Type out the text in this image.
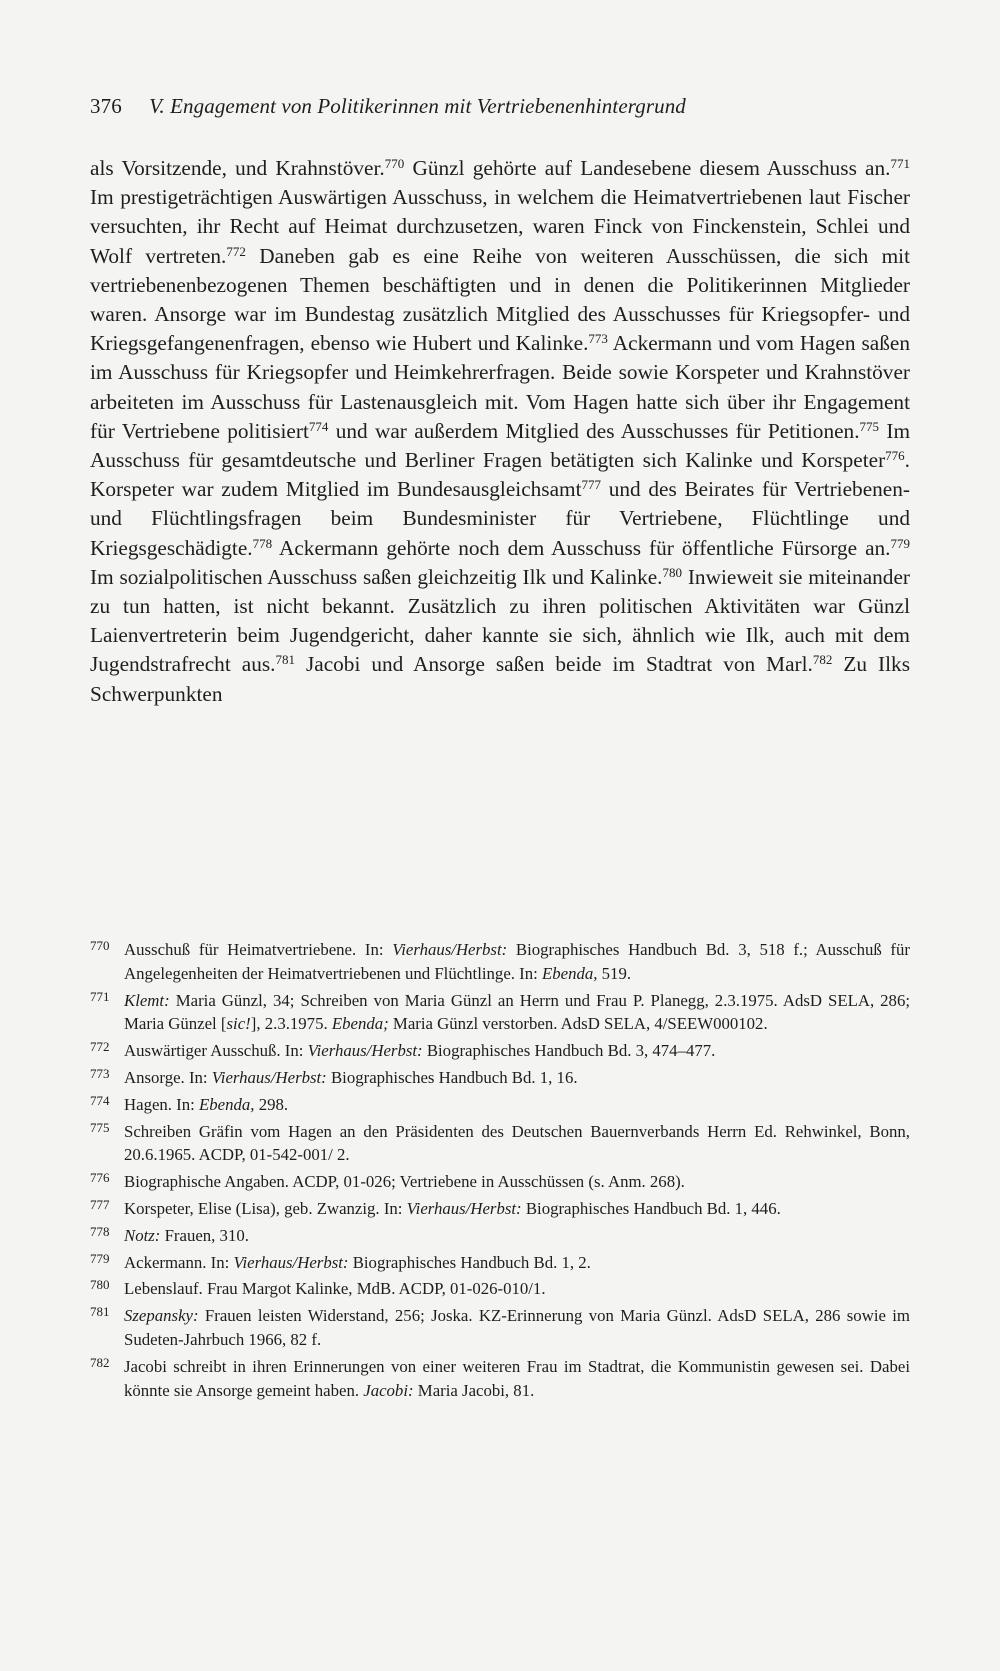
376 V. Engagement von Politikerinnen mit Vertriebenenhintergrund

als Vorsitzende, und Krahnstöver.$^{770}$ Günzl gehörte auf Landesebene diesem Ausschuss an.$^{771}$ Im prestigeträchtigen Auswärtigen Ausschuss, in welchem die Heimatvertriebenen laut Fischer versuchten, ihr Recht auf Heimat durchzusetzen, waren Finck von Finckenstein, Schlei und Wolf vertreten.$^{772}$ Daneben gab es eine Reihe von weiteren Ausschüssen, die sich mit vertriebenenbezogenen Themen beschäftigten und in denen die Politikerinnen Mitglieder waren. Ansorge war im Bundestag zusätzlich Mitglied des Ausschusses für Kriegsopfer- und Kriegsgefangenenfragen, ebenso wie Hubert und Kalinke.$^{773}$ Ackermann und vom Hagen saßen im Ausschuss für Kriegsopfer und Heimkehrerfragen. Beide sowie Korspeter und Krahnstöver arbeiteten im Ausschuss für Lastenausgleich mit. Vom Hagen hatte sich über ihr Engagement für Vertriebene politisiert$^{774}$ und war außerdem Mitglied des Ausschusses für Petitionen.$^{775}$ Im Ausschuss für gesamtdeutsche und Berliner Fragen betätigten sich Kalinke und Korspeter$^{776}$. Korspeter war zudem Mitglied im Bundesausgleichsamt$^{777}$ und des Beirates für Vertriebenen- und Flüchtlingsfragen beim Bundesminister für Vertriebene, Flüchtlinge und Kriegsgeschädigte.$^{778}$ Ackermann gehörte noch dem Ausschuss für öffentliche Fürsorge an.$^{779}$ Im sozialpolitischen Ausschuss saßen gleichzeitig Ilk und Kalinke.$^{780}$ Inwieweit sie miteinander zu tun hatten, ist nicht bekannt. Zusätzlich zu ihren politischen Aktivitäten war Günzl Laienvertreterin beim Jugendgericht, daher kannte sie sich, ähnlich wie Ilk, auch mit dem Jugendstrafrecht aus.$^{781}$ Jacobi und Ansorge saßen beide im Stadtrat von Marl.$^{782}$ Zu Ilks Schwerpunkten

770 Ausschuß für Heimatvertriebene. In: Vierhaus/Herbst: Biographisches Handbuch Bd. 3, 518 f.; Ausschuß für Angelegenheiten der Heimatvertriebenen und Flüchtlinge. In: Ebenda, 519.
771 Klemt: Maria Günzl, 34; Schreiben von Maria Günzl an Herrn und Frau P. Planegg, 2.3.1975. AdsD SELA, 286; Maria Günzel [sic!], 2.3.1975. Ebenda; Maria Günzl verstorben. AdsD SELA, 4/SEEW000102.
772 Auswärtiger Ausschuß. In: Vierhaus/Herbst: Biographisches Handbuch Bd. 3, 474–477.
773 Ansorge. In: Vierhaus/Herbst: Biographisches Handbuch Bd. 1, 16.
774 Hagen. In: Ebenda, 298.
775 Schreiben Gräfin vom Hagen an den Präsidenten des Deutschen Bauernverbands Herrn Ed. Rehwinkel, Bonn, 20.6.1965. ACDP, 01-542-001/ 2.
776 Biographische Angaben. ACDP, 01-026; Vertriebene in Ausschüssen (s. Anm. 268).
777 Korspeter, Elise (Lisa), geb. Zwanzig. In: Vierhaus/Herbst: Biographisches Handbuch Bd. 1, 446.
778 Notz: Frauen, 310.
779 Ackermann. In: Vierhaus/Herbst: Biographisches Handbuch Bd. 1, 2.
780 Lebenslauf. Frau Margot Kalinke, MdB. ACDP, 01-026-010/1.
781 Szepansky: Frauen leisten Widerstand, 256; Joska. KZ-Erinnerung von Maria Günzl. AdsD SELA, 286 sowie im Sudeten-Jahrbuch 1966, 82 f.
782 Jacobi schreibt in ihren Erinnerungen von einer weiteren Frau im Stadtrat, die Kommunistin gewesen sei. Dabei könnte sie Ansorge gemeint haben. Jacobi: Maria Jacobi, 81.
